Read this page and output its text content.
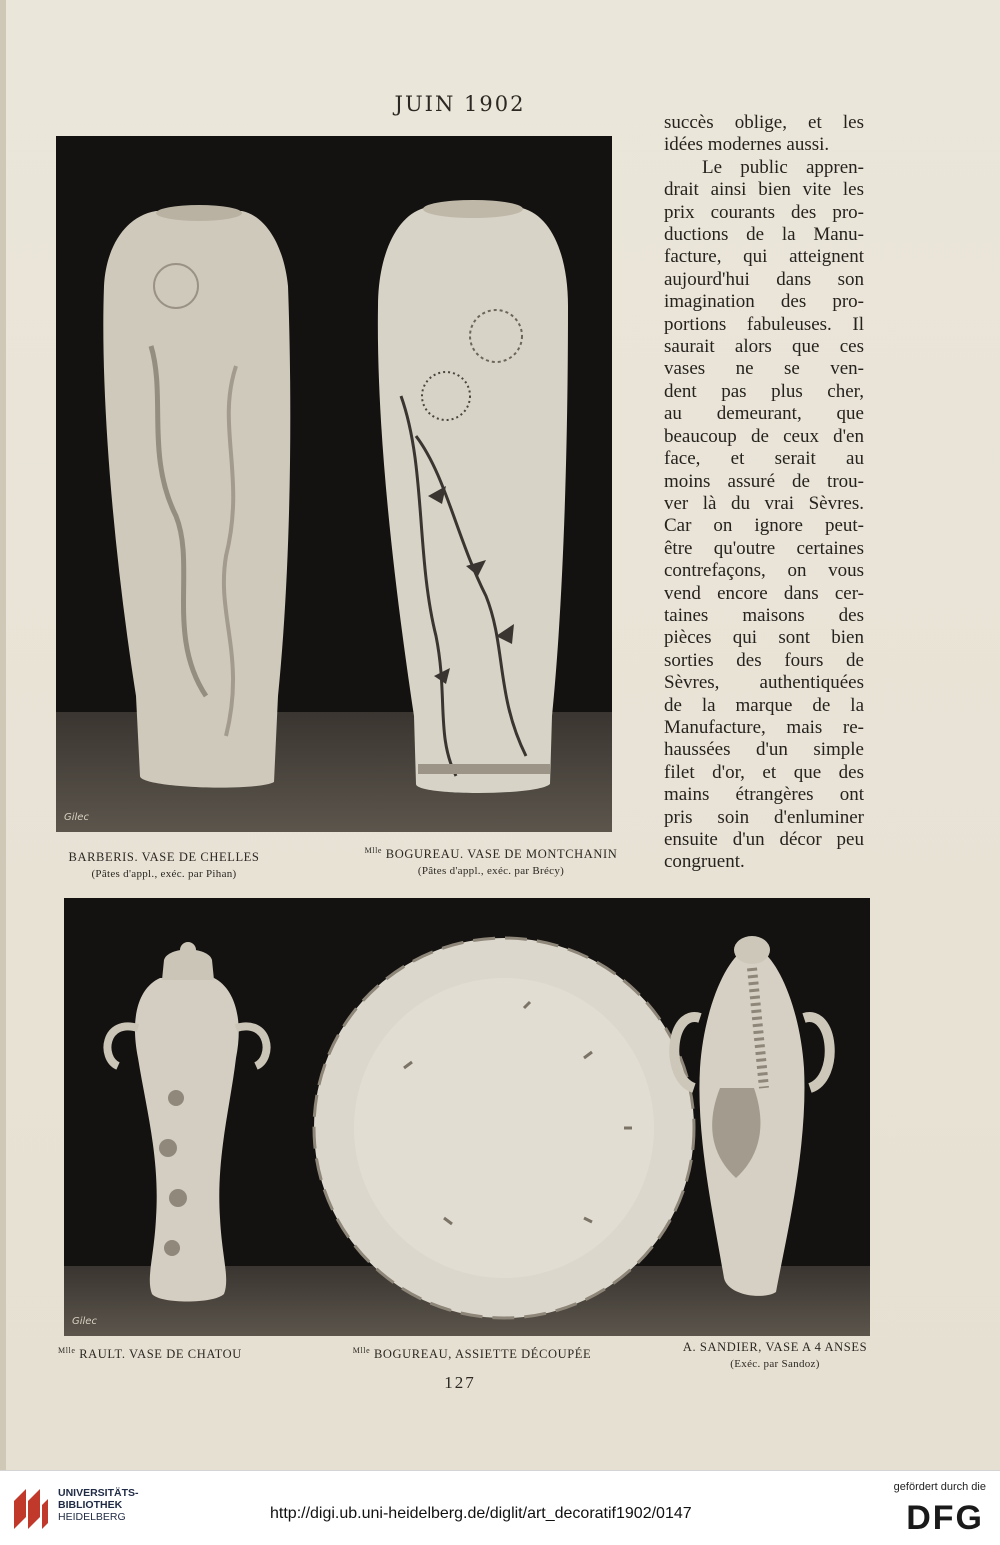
JUIN 1902
Gilec
BARBERIS. VASE DE CHELLES
(Pâtes d'appl., exéc. par Pihan)
$^{Mlle}$ BOGUREAU. VASE DE MONTCHANIN
(Pâtes d'appl., exéc. par Brécy)
succès oblige, et les
idées modernes aussi.
Le public appren-
drait ainsi bien vite les
prix courants des pro-
ductions de la Manu-
facture, qui atteignent
aujourd'hui dans son
imagination des pro-
portions fabuleuses. Il
saurait alors que ces
vases ne se ven-
dent pas plus cher,
au demeurant, que
beaucoup de ceux d'en
face, et serait au
moins assuré de trou-
ver là du vrai Sèvres.
Car on ignore peut-
être qu'outre certaines
contrefaçons, on vous
vend encore dans cer-
taines maisons des
pièces qui sont bien
sorties des fours de
Sèvres, authentiquées
de la marque de la
Manufacture, mais re-
haussées d'un simple
filet d'or, et que des
mains étrangères ont
pris soin d'enluminer
ensuite d'un décor peu
congruent.
Gilec
$^{Mlle}$ RAULT. VASE DE CHATOU	$^{Mlle}$ BOGUREAU, ASSIETTE DÉCOUPÉE
A. SANDIER, VASE A 4 ANSES
(Exéc. par Sandoz)
127
UNIVERSITÄTS-
BIBLIOTHEK
HEIDELBERG	http://digi.ub.uni-heidelberg.de/diglit/art_decoratif1902/0147
gefördert durch die
DFG
